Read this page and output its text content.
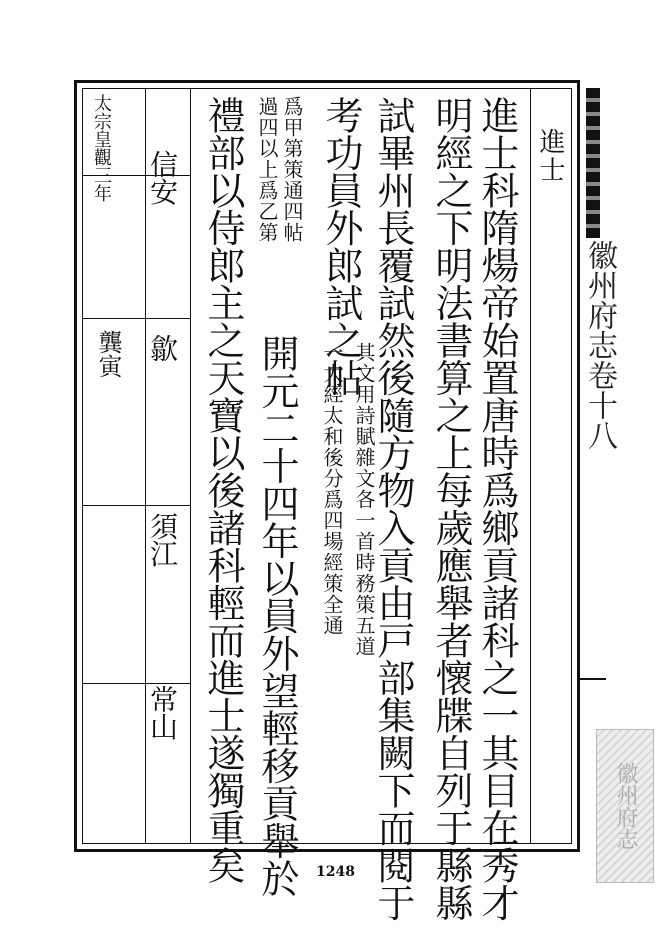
進士
進士科隋煬帝始置唐時爲鄉貢諸科之一其目在秀才
明經之下明法書算之上每歲應舉者懷牒自列于縣縣
試畢州長覆試然後隨方物入貢由戸部集闕下而閱于
考功員外郎試之帖
開元二十四年以員外望輕移貢舉於
禮部以侍郎主之天寶以後諸科輕而進士遂獨重矣	其文用詩賦雜文各一首時務策五道
一大經太和後分爲四場經策全通
爲甲第策通四帖
過四以上爲乙第
太宗皇觀三年 信安
歙
須江
常山
龔寅	徽州府志卷十八
徽州府志
1248
